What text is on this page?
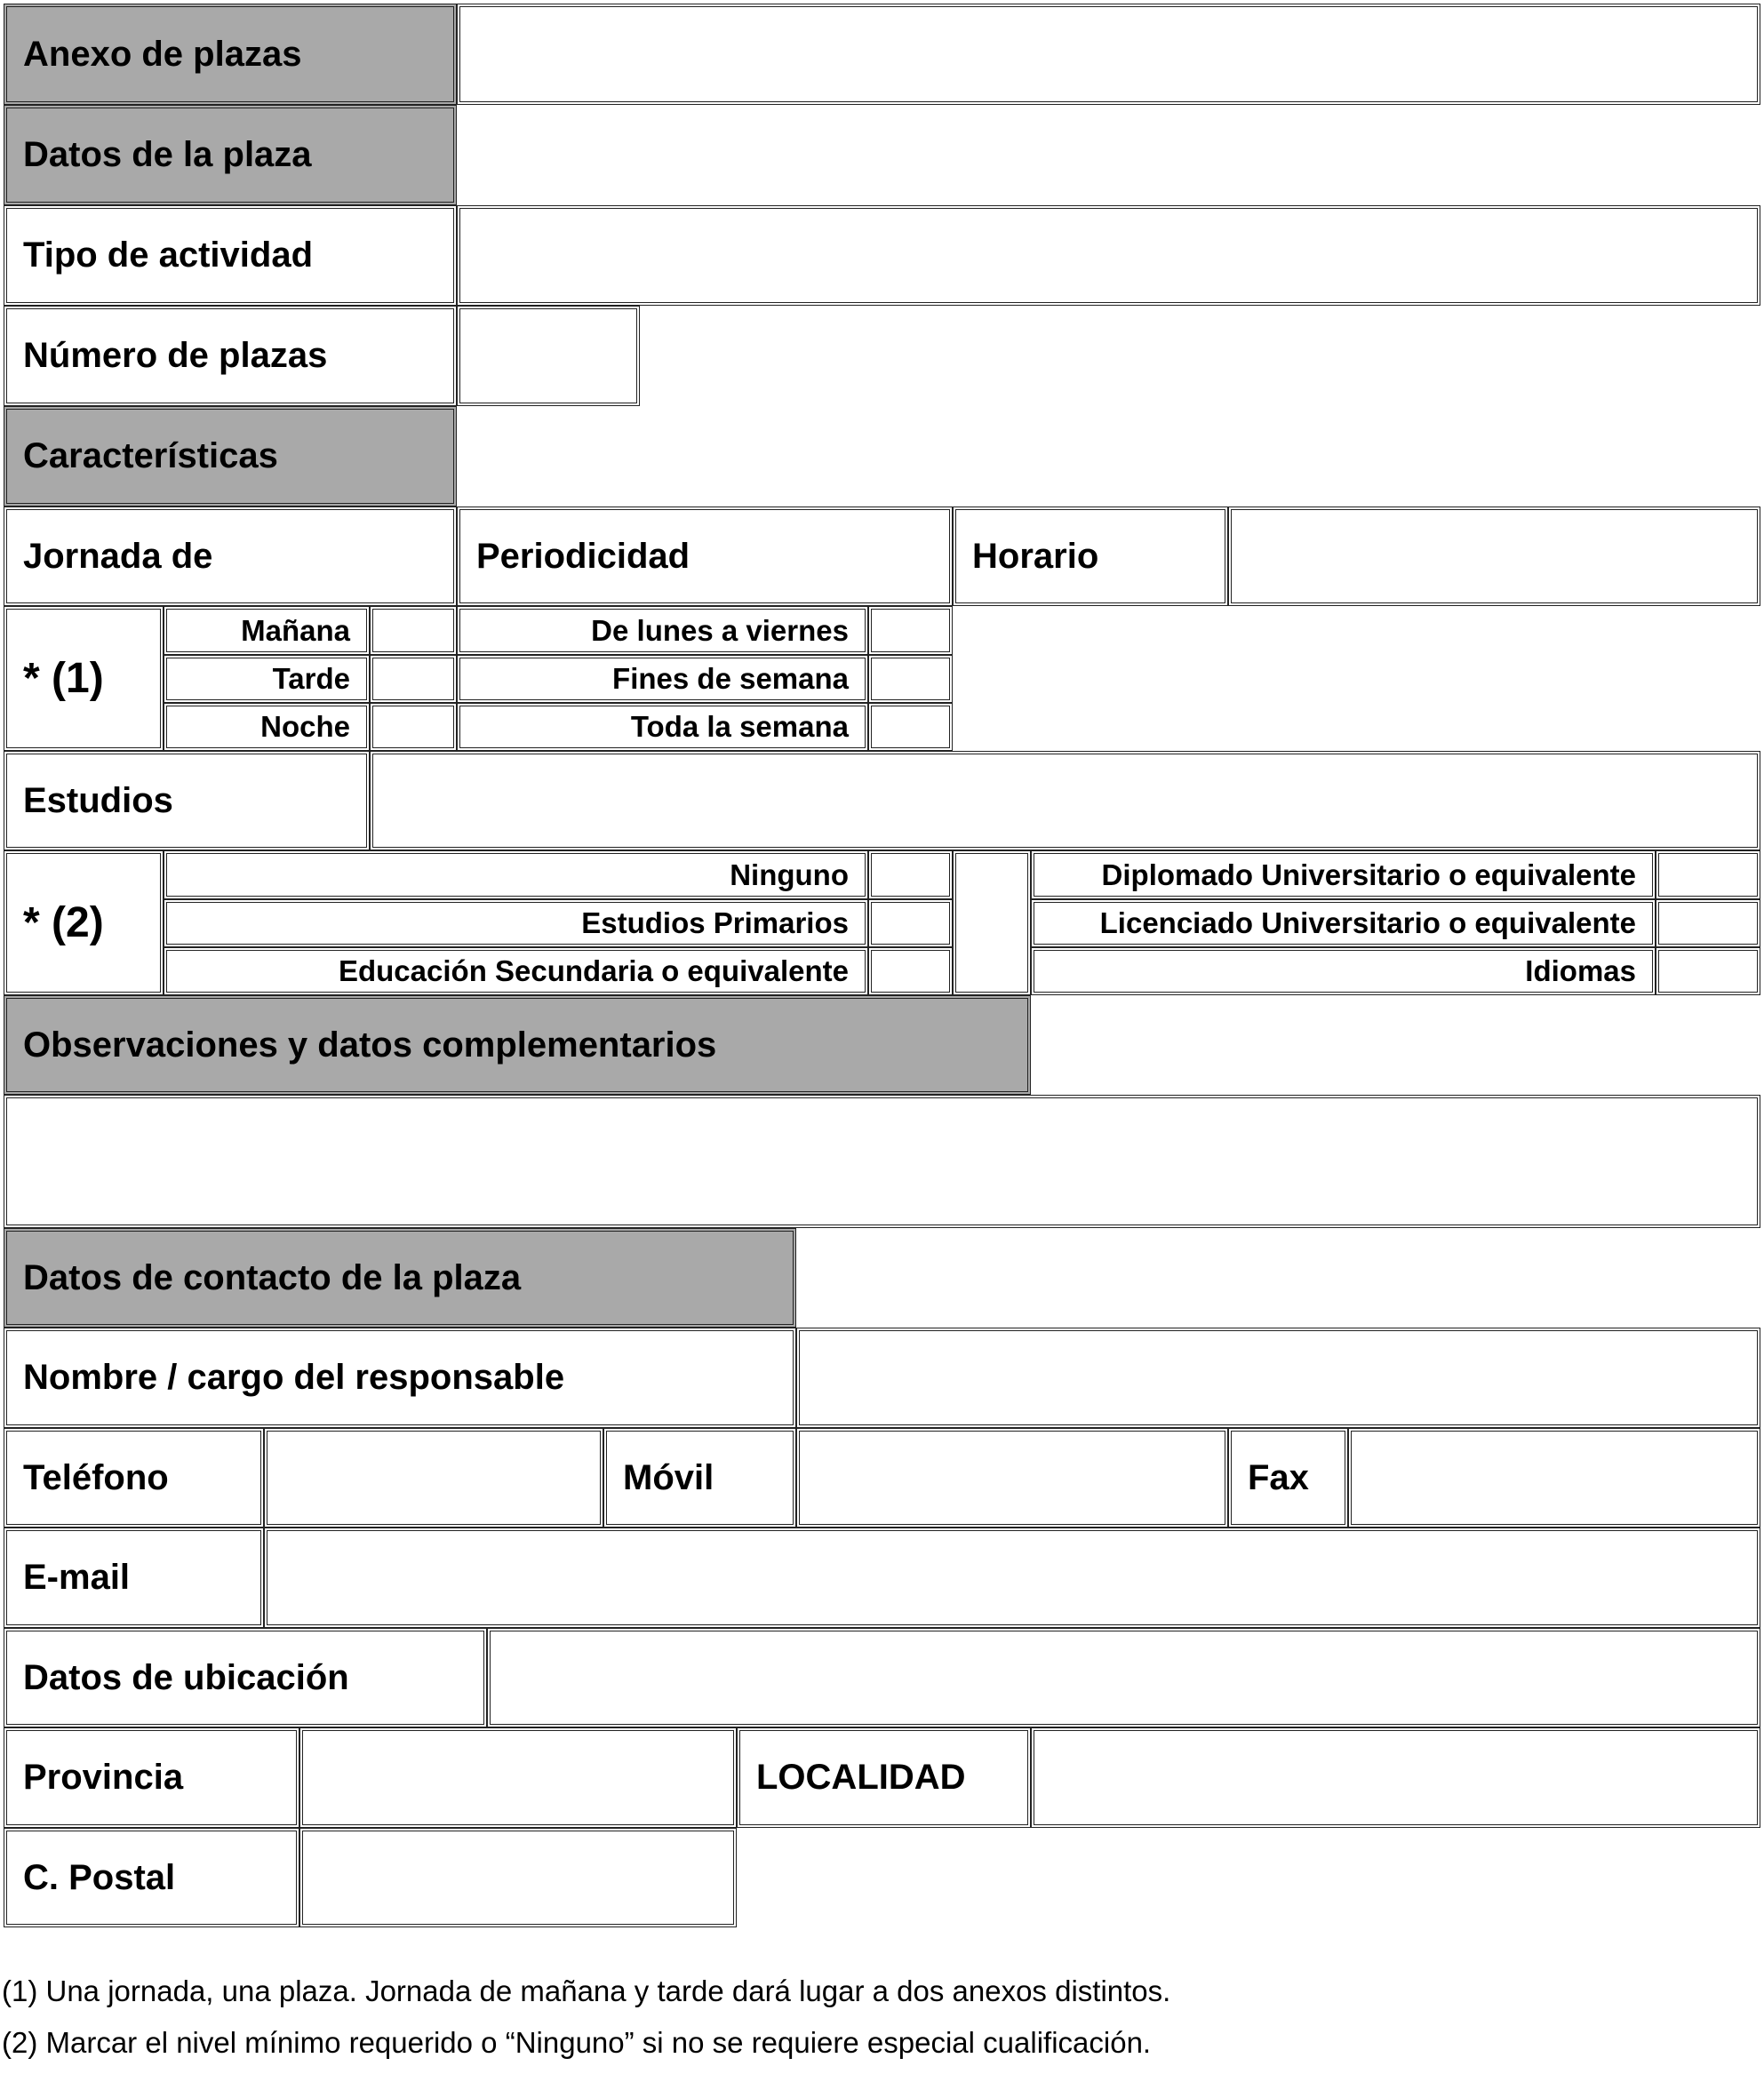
Anexo de plazas
Datos de la plaza
Tipo de actividad
Número de plazas
Características
Jornada de	Periodicidad	Horario
* (1)
Mañana	De lunes a viernes
Tarde	Fines de semana
Noche	Toda la semana
Estudios
* (2)
Ninguno	Diplomado Universitario o equivalente
Estudios Primarios	Licenciado Universitario o equivalente
Educación Secundaria o equivalente	Idiomas
Observaciones y datos complementarios
Datos de contacto de la plaza
Nombre / cargo del responsable
Teléfono	Móvil	Fax
E-mail
Datos de ubicación
Provincia	LOCALIDAD
C. Postal
(1) Una jornada, una plaza. Jornada de mañana y tarde dará lugar a dos anexos distintos.
(2) Marcar el nivel mínimo requerido o “Ninguno” si no se requiere especial cualificación.
